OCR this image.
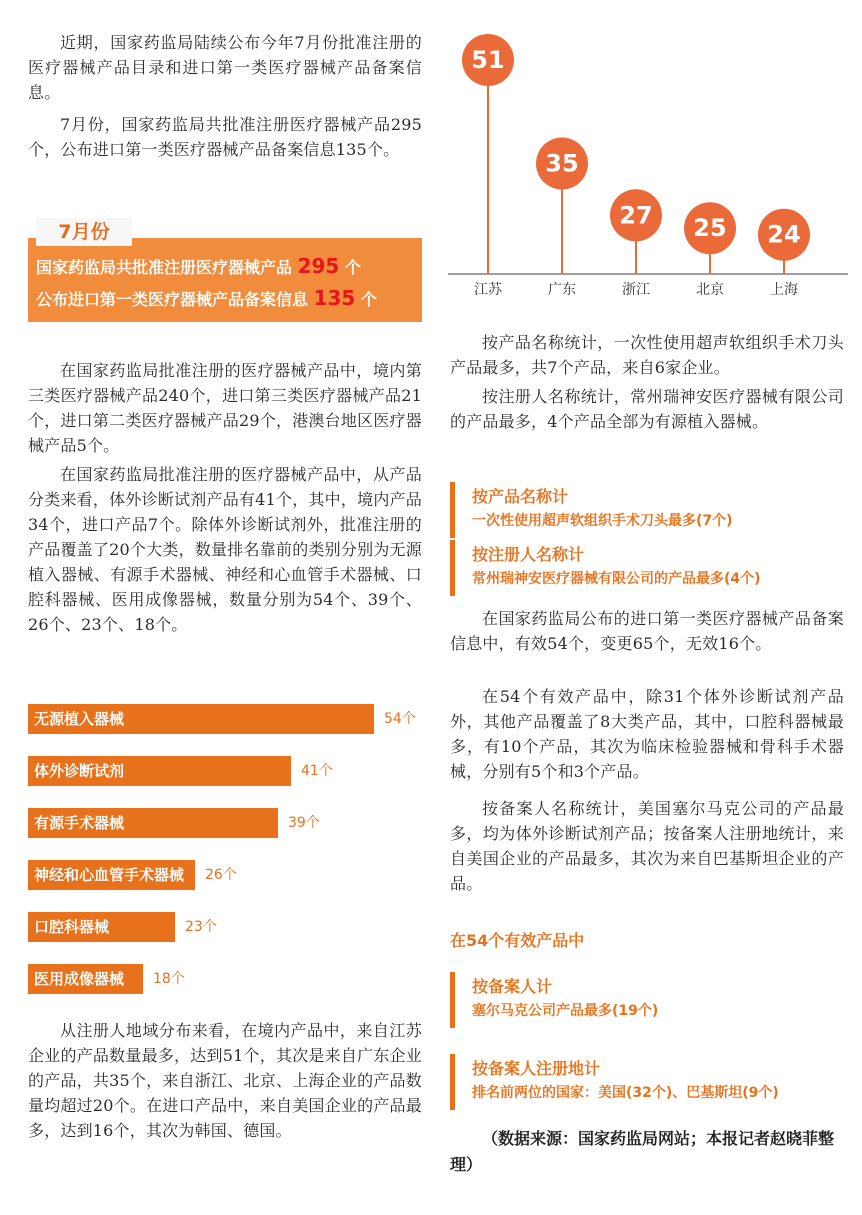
近期，国家药监局陆续公布今年7月份批准注册的医疗器械产品目录和进口第一类医疗器械产品备案信息。

7月份，国家药监局共批准注册医疗器械产品295个，公布进口第一类医疗器械产品备案信息135个。

国家药监局共批准注册医疗器械产品 295 个
公布进口第一类医疗器械产品备案信息 135 个
7月份

在国家药监局批准注册的医疗器械产品中，境内第三类医疗器械产品240个，进口第三类医疗器械产品21个，进口第二类医疗器械产品29个，港澳台地区医疗器械产品5个。

在国家药监局批准注册的医疗器械产品中，从产品分类来看，体外诊断试剂产品有41个，其中，境内产品34个，进口产品7个。除体外诊断试剂外，批准注册的产品覆盖了20个大类，数量排名靠前的类别分别为无源植入器械、有源手术器械、神经和心血管手术器械、口腔科器械、医用成像器械，数量分别为54个、39个、26个、23个、18个。

无源植入器械	54个
体外诊断试剂	41个
有源手术器械	39个
神经和心血管手术器械 26个
口腔科器械	23个
医用成像器械 18个

从注册人地域分布来看，在境内产品中，来自江苏企业的产品数量最多，达到51个，其次是来自广东企业的产品，共35个，来自浙江、北京、上海企业的产品数量均超过20个。在进口产品中，来自美国企业的产品最多，达到16个，其次为韩国、德国。

51
江苏
35
广东
27
浙江
25
北京
24
上海

按产品名称统计，一次性使用超声软组织手术刀头产品最多，共7个产品，来自6家企业。

按注册人名称统计，常州瑞神安医疗器械有限公司的产品最多，4个产品全部为有源植入器械。

按产品名称计
一次性使用超声软组织手术刀头最多(7个)
按注册人名称计
常州瑞神安医疗器械有限公司的产品最多(4个)

在国家药监局公布的进口第一类医疗器械产品备案信息中，有效54个，变更65个，无效16个。

在54个有效产品中，除31个体外诊断试剂产品外，其他产品覆盖了8大类产品，其中，口腔科器械最多，有10个产品，其次为临床检验器械和骨科手术器械，分别有5个和3个产品。

按备案人名称统计，美国塞尔马克公司的产品最多，均为体外诊断试剂产品；按备案人注册地统计，来自美国企业的产品最多，其次为来自巴基斯坦企业的产品。

在54个有效产品中
按备案人计
塞尔马克公司产品最多(19个)
按备案人注册地计
排名前两位的国家：美国(32个)、巴基斯坦(9个)

（数据来源：国家药监局网站；本报记者赵晓菲整理）
